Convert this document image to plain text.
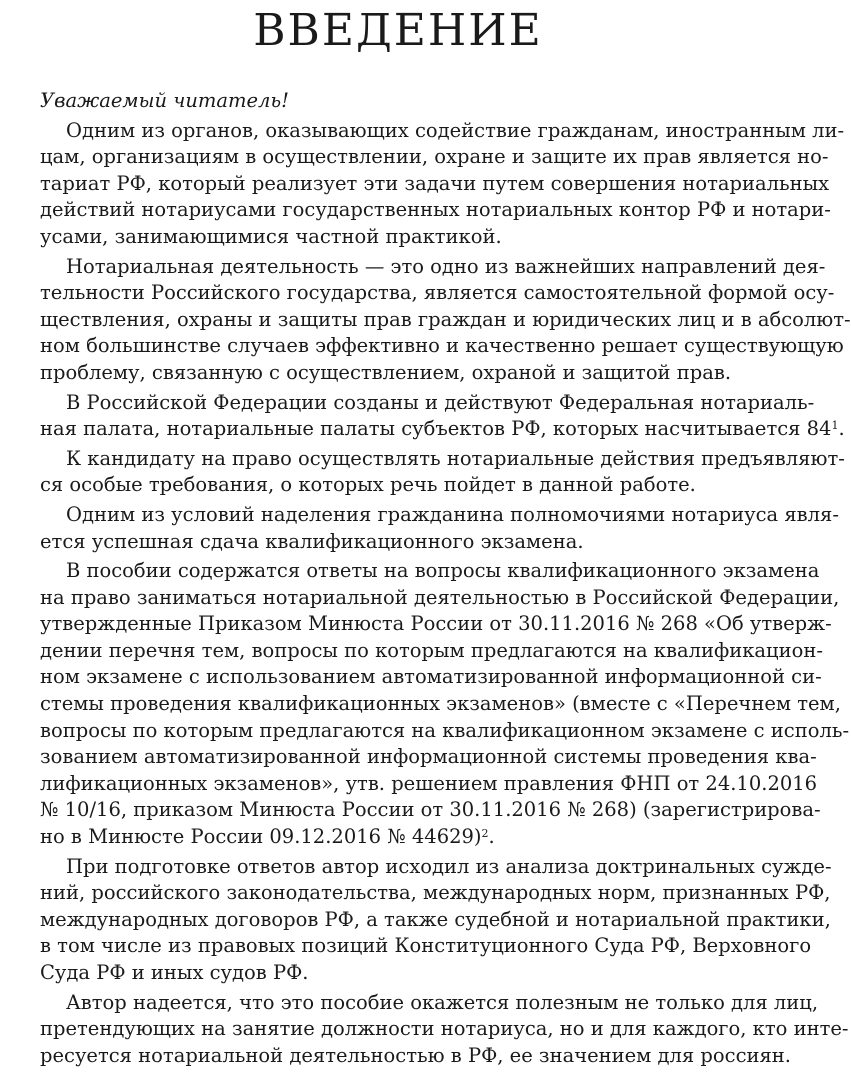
ВВЕДЕНИЕ

Уважаемый читатель!

Одним из органов, оказывающих содействие гражданам, иностранным ли-
цам, организациям в осуществлении, охране и защите их прав является но-
тариат РФ, который реализует эти задачи путем совершения нотариальных
действий нотариусами государственных нотариальных контор РФ и нотари-
усами, занимающимися частной практикой.

Нотариальная деятельность — это одно из важнейших направлений дея-
тельности Российского государства, является самостоятельной формой осу-
ществления, охраны и защиты прав граждан и юридических лиц и в абсолют-
ном большинстве случаев эффективно и качественно решает существующую
проблему, связанную с осуществлением, охраной и защитой прав.

В Российской Федерации созданы и действуют Федеральная нотариаль-
ная палата, нотариальные палаты субъектов РФ, которых насчитывается $84^1$.

К кандидату на право осуществлять нотариальные действия предъявляют-
ся особые требования, о которых речь пойдет в данной работе.

Одним из условий наделения гражданина полномочиями нотариуса явля-
ется успешная сдача квалификационного экзамена.

В пособии содержатся ответы на вопросы квалификационного экзамена
на право заниматься нотариальной деятельностью в Российской Федерации,
утвержденные Приказом Минюста России от 30.11.2016 № 268 «Об утверж-
дении перечня тем, вопросы по которым предлагаются на квалификацион-
ном экзамене с использованием автоматизированной информационной си-
стемы проведения квалификационных экзаменов» (вместе с «Перечнем тем,
вопросы по которым предлагаются на квалификационном экзамене с исполь-
зованием автоматизированной информационной системы проведения ква-
лификационных экзаменов», утв. решением правления ФНП от 24.10.2016
№ 10/16, приказом Минюста России от 30.11.2016 № 268) (зарегистрирова-
но в Минюсте России 09.12.2016 № 44629)$^2$.

При подготовке ответов автор исходил из анализа доктринальных сужде-
ний, российского законодательства, международных норм, признанных РФ,
международных договоров РФ, а также судебной и нотариальной практики,
в том числе из правовых позиций Конституционного Суда РФ, Верховного
Суда РФ и иных судов РФ.

Автор надеется, что это пособие окажется полезным не только для лиц,
претендующих на занятие должности нотариуса, но и для каждого, кто инте-
ресуется нотариальной деятельностью в РФ, ее значением для россиян.
